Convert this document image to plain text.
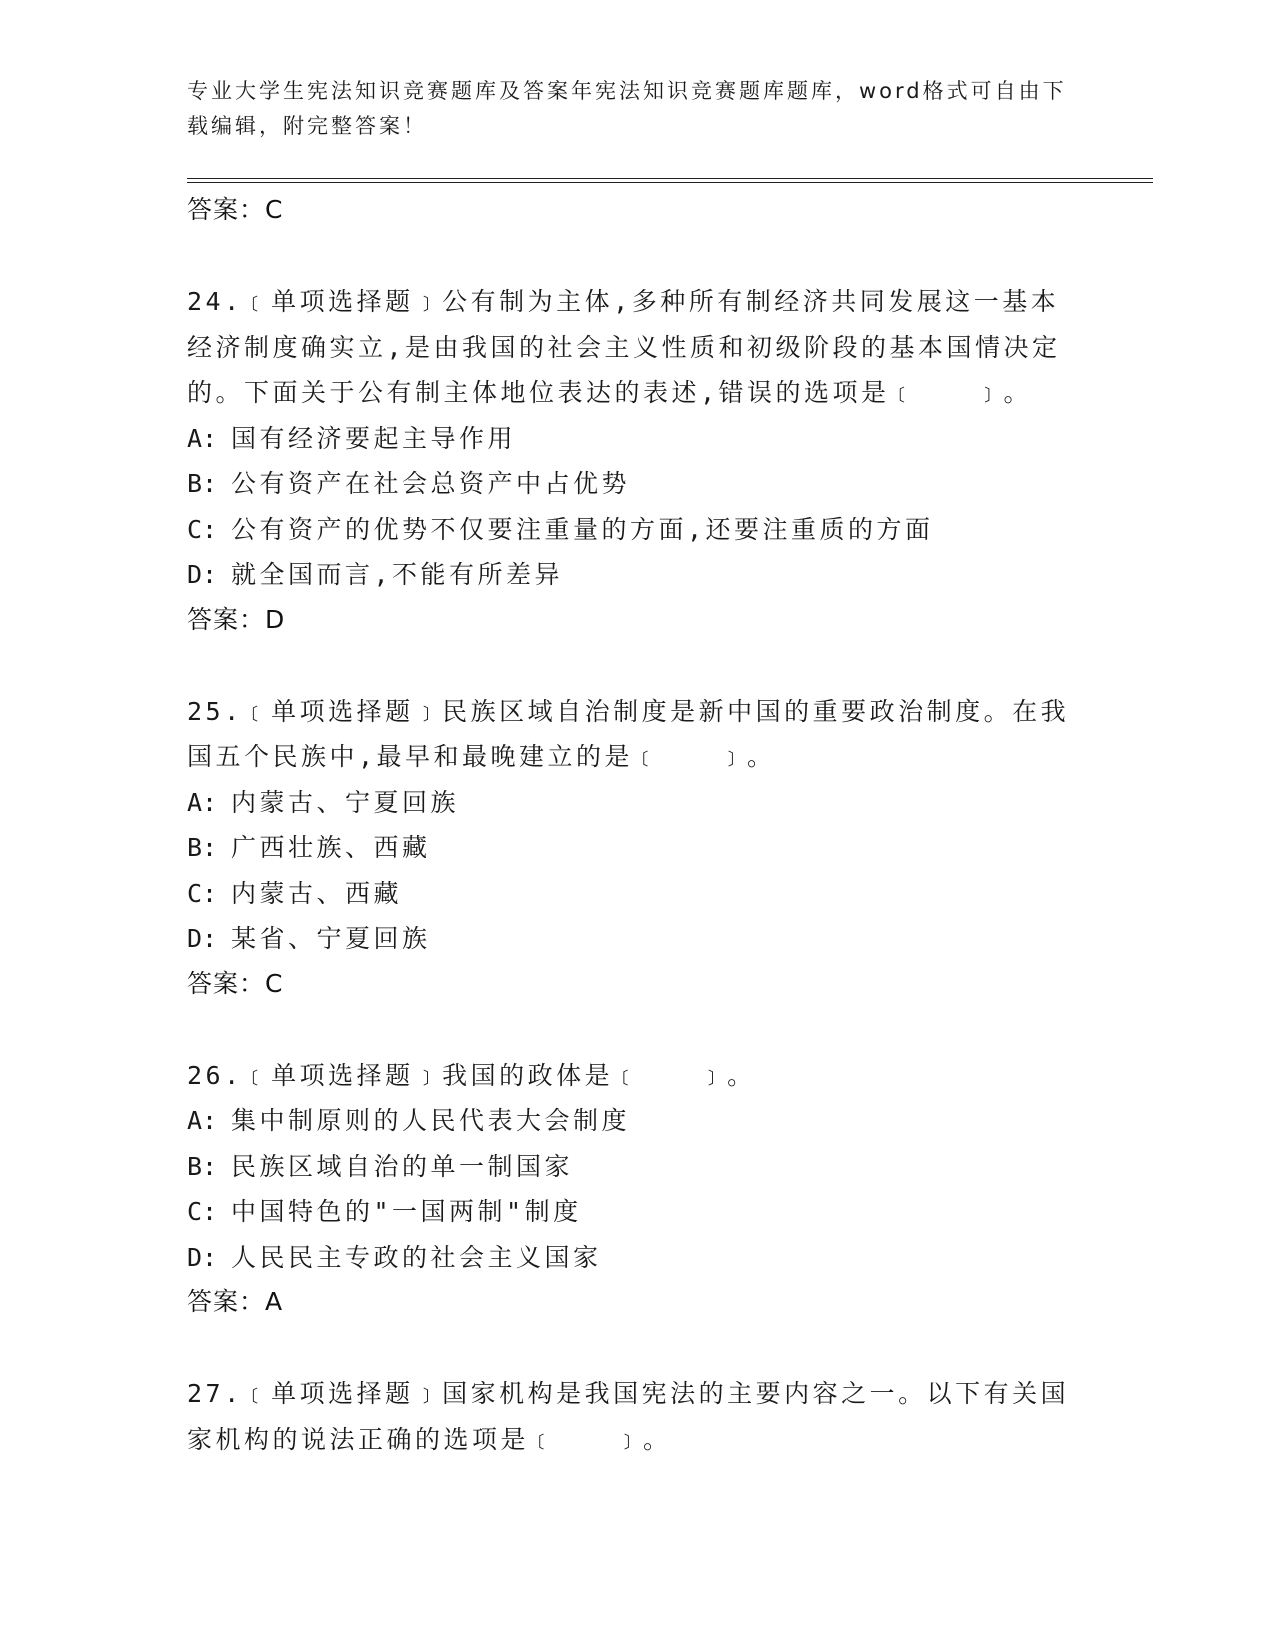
专业大学生宪法知识竞赛题库及答案年宪法知识竞赛题库题库，word格式可自由下载编辑，附完整答案！
答案：C
24.﹝单项选择题﹞公有制为主体,多种所有制经济共同发展这一基本经济制度确实立,是由我国的社会主义性质和初级阶段的基本国情决定的。下面关于公有制主体地位表达的表述,错误的选项是﹝　　﹞。
A: 国有经济要起主导作用
B: 公有资产在社会总资产中占优势
C: 公有资产的优势不仅要注重量的方面,还要注重质的方面
D: 就全国而言,不能有所差异
答案：D
25.﹝单项选择题﹞民族区域自治制度是新中国的重要政治制度。在我国五个民族中,最早和最晚建立的是﹝　　﹞。
A: 内蒙古、宁夏回族
B: 广西壮族、西藏
C: 内蒙古、西藏
D: 某省、宁夏回族
答案：C
26.﹝单项选择题﹞我国的政体是﹝　　﹞。
A: 集中制原则的人民代表大会制度
B: 民族区域自治的单一制国家
C: 中国特色的"一国两制"制度
D: 人民民主专政的社会主义国家
答案：A
27.﹝单项选择题﹞国家机构是我国宪法的主要内容之一。以下有关国家机构的说法正确的选项是﹝　　﹞。
